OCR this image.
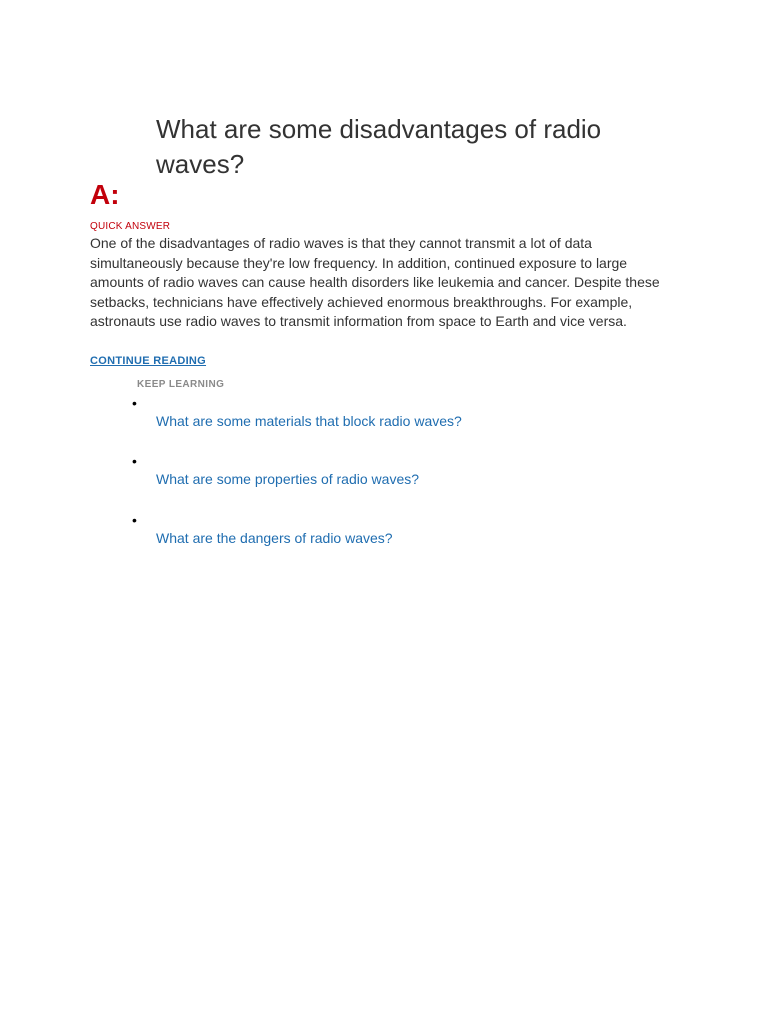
What are some disadvantages of radio waves?
A:
QUICK ANSWER

One of the disadvantages of radio waves is that they cannot transmit a lot of data simultaneously because they're low frequency. In addition, continued exposure to large amounts of radio waves can cause health disorders like leukemia and cancer. Despite these setbacks, technicians have effectively achieved enormous breakthroughs. For example, astronauts use radio waves to transmit information from space to Earth and vice versa.

CONTINUE READING
KEEP LEARNING
•
What are some materials that block radio waves?
•
What are some properties of radio waves?
•
What are the dangers of radio waves?
